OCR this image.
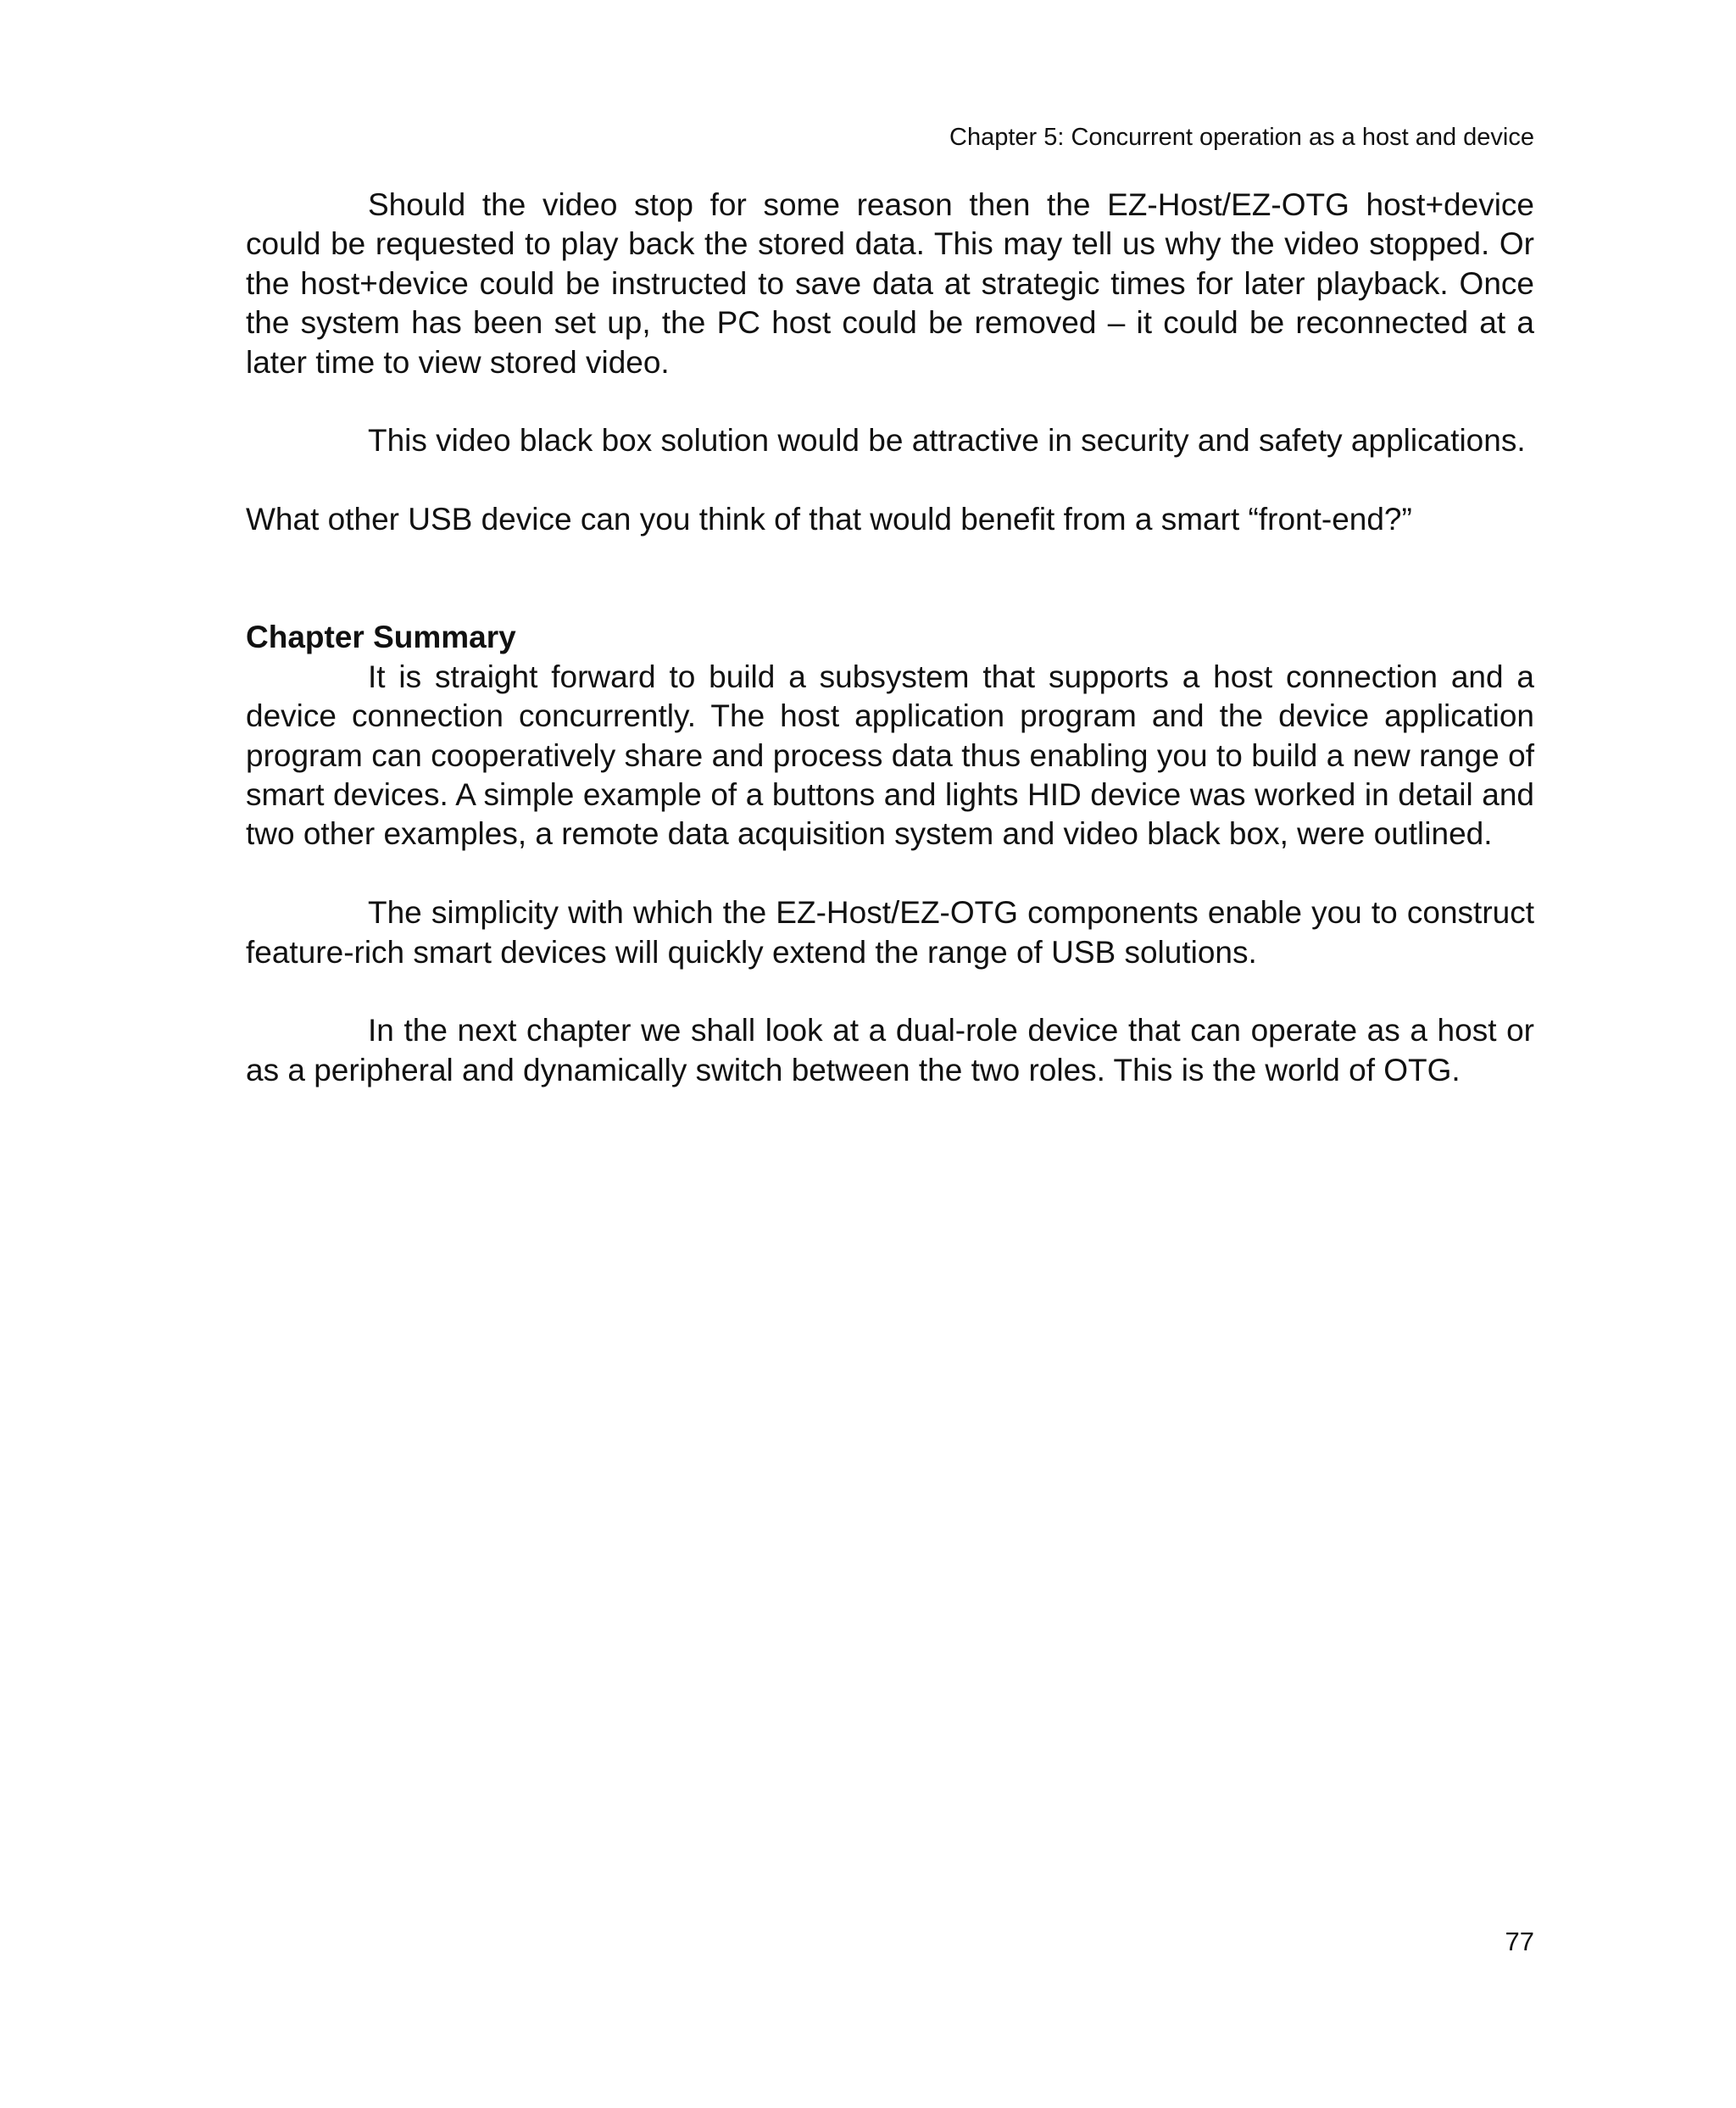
Chapter 5: Concurrent operation as a host and device

Should the video stop for some reason then the EZ-Host/EZ-OTG host+device could be requested to play back the stored data. This may tell us why the video stopped. Or the host+device could be instructed to save data at strategic times for later playback. Once the system has been set up, the PC host could be removed – it could be reconnected at a later time to view stored video.

This video black box solution would be attractive in security and safety applications.

What other USB device can you think of that would benefit from a smart “front-end?”

Chapter Summary

It is straight forward to build a subsystem that supports a host connection and a device connection concurrently. The host application program and the device application program can cooperatively share and process data thus enabling you to build a new range of smart devices. A simple example of a buttons and lights HID device was worked in detail and two other examples, a remote data acquisition system and video black box, were outlined.

The simplicity with which the EZ-Host/EZ-OTG components enable you to construct feature-rich smart devices will quickly extend the range of USB solutions.

In the next chapter we shall look at a dual-role device that can operate as a host or as a peripheral and dynamically switch between the two roles. This is the world of OTG.

77
